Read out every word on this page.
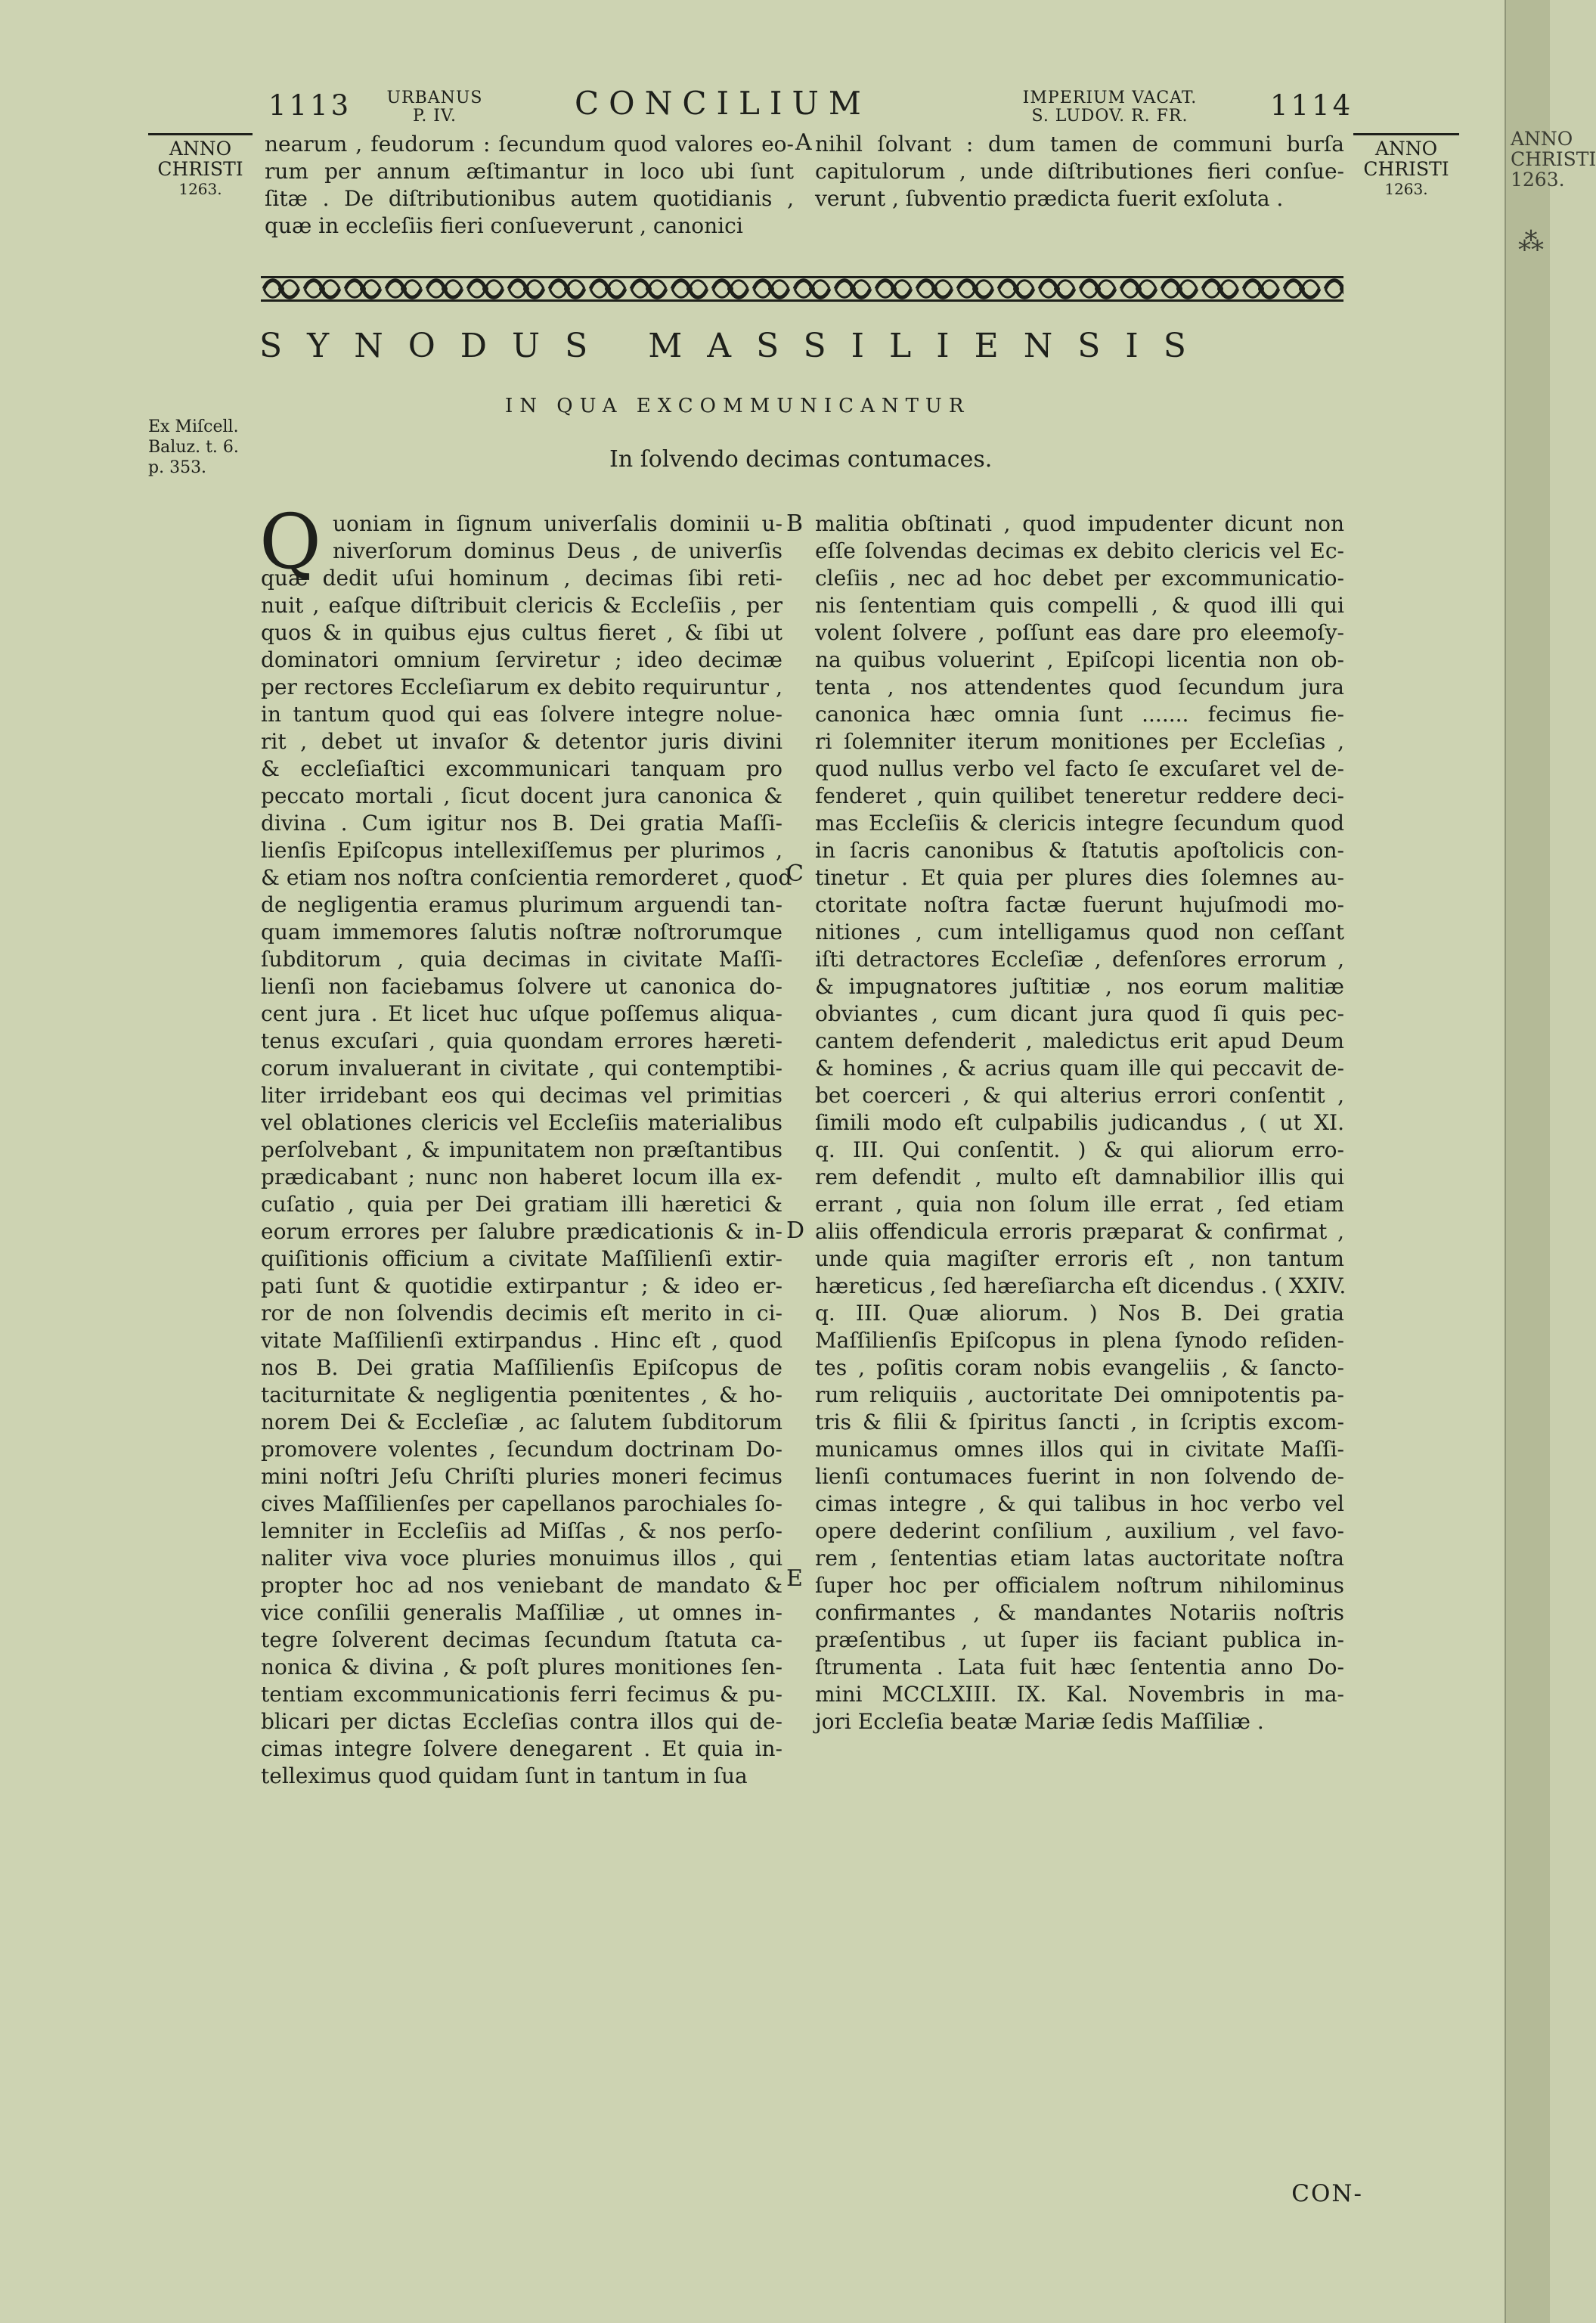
ANNO
CHRISTI
1263.
⁂
1113	URBANUS
P. IV.	CONCILIUM	IMPERIUM VACAT.
S. LUDOV. R. FR.	1114
ANNO
CHRISTI
1263.
ANNO
CHRISTI
1263.
nearum , feudorum : ſecundum quod valores eo-
rum per annum æſtimantur in loco ubi ſunt
ſitæ . De diſtributionibus autem quotidianis ,
quæ in eccleſiis fieri conſueverunt , canonici
A nihil ſolvant : dum tamen de communi burſa
capitulorum , unde diſtributiones fieri conſue-
verunt , ſubventio prædicta fuerit exſoluta .
SYNODUS MASSILIENSIS
IN QUA EXCOMMUNICANTUR
In ſolvendo decimas contumaces.
Ex Miſcell.
Baluz. t. 6.
p. 353.
Q uoniam in ſignum univerſalis dominii u-
niverſorum dominus Deus , de univerſis
quæ dedit uſui hominum , decimas ſibi reti-
nuit , eaſque diſtribuit clericis & Eccleſiis , per
quos & in quibus ejus cultus fieret , & ſibi ut
dominatori omnium ſerviretur ; ideo decimæ
per rectores Eccleſiarum ex debito requiruntur ,
in tantum quod qui eas ſolvere integre nolue-
rit , debet ut invaſor & detentor juris divini
& eccleſiaſtici excommunicari tanquam pro
peccato mortali , ſicut docent jura canonica &
divina . Cum igitur nos B. Dei gratia Maſſi-
lienſis Epiſcopus intellexiſſemus per plurimos ,
& etiam nos noſtra conſcientia remorderet , quod
de negligentia eramus plurimum arguendi tan-
quam immemores ſalutis noſtræ noſtrorumque
ſubditorum , quia decimas in civitate Maſſi-
lienſi non faciebamus ſolvere ut canonica do-
cent jura . Et licet huc uſque poſſemus aliqua-
tenus excuſari , quia quondam errores hæreti-
corum invaluerant in civitate , qui contemptibi-
liter irridebant eos qui decimas vel primitias
vel oblationes clericis vel Eccleſiis materialibus
perſolvebant , & impunitatem non præſtantibus
prædicabant ; nunc non haberet locum illa ex-
cuſatio , quia per Dei gratiam illi hæretici &
eorum errores per ſalubre prædicationis & in-
quiſitionis officium a civitate Maſſilienſi extir-
pati ſunt & quotidie extirpantur ; & ideo er-
ror de non ſolvendis decimis eſt merito in ci-
vitate Maſſilienſi extirpandus . Hinc eſt , quod
nos B. Dei gratia Maſſilienſis Epiſcopus de
taciturnitate & negligentia pœnitentes , & ho-
norem Dei & Eccleſiæ , ac ſalutem ſubditorum
promovere volentes , ſecundum doctrinam Do-
mini noſtri Jeſu Chriſti pluries moneri fecimus
cives Maſſilienſes per capellanos parochiales ſo-
lemniter in Eccleſiis ad Miſſas , & nos perſo-
naliter viva voce pluries monuimus illos , qui
propter hoc ad nos veniebant de mandato &
vice conſilii generalis Maſſiliæ , ut omnes in-
tegre ſolverent decimas ſecundum ſtatuta ca-
nonica & divina , & poſt plures monitiones ſen-
tentiam excommunicationis ferri fecimus & pu-
blicari per dictas Eccleſias contra illos qui de-
cimas integre ſolvere denegarent . Et quia in-
telleximus quod quidam ſunt in tantum in ſua
malitia obſtinati , quod impudenter dicunt non
eſſe ſolvendas decimas ex debito clericis vel Ec-
cleſiis , nec ad hoc debet per excommunicatio-
nis ſententiam quis compelli , & quod illi qui
volent ſolvere , poſſunt eas dare pro eleemoſy-
na quibus voluerint , Epiſcopi licentia non ob-
tenta , nos attendentes quod ſecundum jura
canonica hæc omnia ſunt ....... fecimus fie-
ri ſolemniter iterum monitiones per Eccleſias ,
quod nullus verbo vel facto ſe excuſaret vel de-
fenderet , quin quilibet teneretur reddere deci-
mas Eccleſiis & clericis integre ſecundum quod
in ſacris canonibus & ſtatutis apoſtolicis con-
tinetur . Et quia per plures dies ſolemnes au-
ctoritate noſtra factæ fuerunt hujuſmodi mo-
nitiones , cum intelligamus quod non ceſſant
iſti detractores Eccleſiæ , defenſores errorum ,
& impugnatores juſtitiæ , nos eorum malitiæ
obviantes , cum dicant jura quod ſi quis pec-
cantem defenderit , maledictus erit apud Deum
& homines , & acrius quam ille qui peccavit de-
bet coerceri , & qui alterius errori conſentit ,
ſimili modo eſt culpabilis judicandus , ( ut XI.
q. III. Qui conſentit. ) & qui aliorum erro-
rem defendit , multo eſt damnabilior illis qui
errant , quia non ſolum ille errat , ſed etiam
aliis offendicula erroris præparat & confirmat ,
unde quia magiſter erroris eſt , non tantum
hæreticus , ſed hæreſiarcha eſt dicendus . ( XXIV.
q. III. Quæ aliorum. ) Nos B. Dei gratia
Maſſilienſis Epiſcopus in plena ſynodo reſiden-
tes , poſitis coram nobis evangeliis , & ſancto-
rum reliquiis , auctoritate Dei omnipotentis pa-
tris & filii & ſpiritus ſancti , in ſcriptis excom-
municamus omnes illos qui in civitate Maſſi-
lienſi contumaces fuerint in non ſolvendo de-
cimas integre , & qui talibus in hoc verbo vel
opere dederint conſilium , auxilium , vel favo-
rem , ſententias etiam latas auctoritate noſtra
ſuper hoc per officialem noſtrum nihilominus
confirmantes , & mandantes Notariis noſtris
præſentibus , ut ſuper iis faciant publica in-
ſtrumenta . Lata fuit hæc ſententia anno Do-
mini MCCLXIII. IX. Kal. Novembris in ma-
jori Eccleſia beatæ Mariæ ſedis Maſſiliæ .
B
C
D
E
CON-
